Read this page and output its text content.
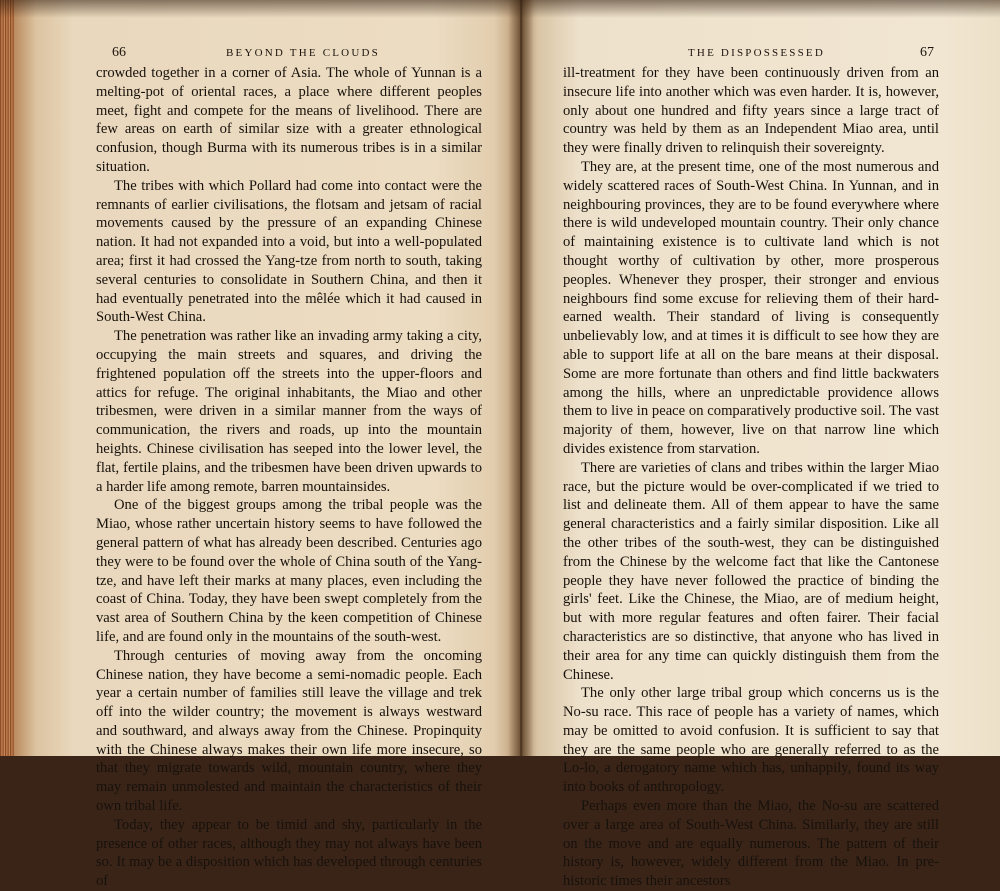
66	BEYOND THE CLOUDS	THE DISPOSSESSED	67

crowded together in a corner of Asia. The whole of Yunnan is a melting-pot of oriental races, a place where different peoples meet, fight and compete for the means of livelihood. There are few areas on earth of similar size with a greater ethnological confusion, though Burma with its numerous tribes is in a similar situation.

The tribes with which Pollard had come into contact were the remnants of earlier civilisations, the flotsam and jetsam of racial movements caused by the pressure of an expanding Chinese nation. It had not expanded into a void, but into a well-populated area; first it had crossed the Yang-tze from north to south, taking several centuries to consolidate in Southern China, and then it had eventually penetrated into the mêlée which it had caused in South-West China.

The penetration was rather like an invading army taking a city, occupying the main streets and squares, and driving the frightened population off the streets into the upper-floors and attics for refuge. The original inhabitants, the Miao and other tribesmen, were driven in a similar manner from the ways of communication, the rivers and roads, up into the mountain heights. Chinese civilisation has seeped into the lower level, the flat, fertile plains, and the tribesmen have been driven upwards to a harder life among remote, barren mountainsides.

One of the biggest groups among the tribal people was the Miao, whose rather uncertain history seems to have followed the general pattern of what has already been described. Centuries ago they were to be found over the whole of China south of the Yang-tze, and have left their marks at many places, even including the coast of China. Today, they have been swept completely from the vast area of Southern China by the keen competition of Chinese life, and are found only in the mountains of the south-west.

Through centuries of moving away from the oncoming Chinese nation, they have become a semi-nomadic people. Each year a certain number of families still leave the village and trek off into the wilder country; the movement is always westward and southward, and always away from the Chinese. Propinquity with the Chinese always makes their own life more insecure, so that they migrate towards wild, mountain country, where they may remain unmolested and maintain the characteristics of their own tribal life.

Today, they appear to be timid and shy, particularly in the presence of other races, although they may not always have been so. It may be a disposition which has developed through centuries of

ill-treatment for they have been continuously driven from an insecure life into another which was even harder. It is, however, only about one hundred and fifty years since a large tract of country was held by them as an Independent Miao area, until they were finally driven to relinquish their sovereignty.

They are, at the present time, one of the most numerous and widely scattered races of South-West China. In Yunnan, and in neighbouring provinces, they are to be found everywhere where there is wild undeveloped mountain country. Their only chance of maintaining existence is to cultivate land which is not thought worthy of cultivation by other, more prosperous peoples. Whenever they prosper, their stronger and envious neighbours find some excuse for relieving them of their hard-earned wealth. Their standard of living is consequently unbelievably low, and at times it is difficult to see how they are able to support life at all on the bare means at their disposal. Some are more fortunate than others and find little backwaters among the hills, where an unpredictable providence allows them to live in peace on comparatively productive soil. The vast majority of them, however, live on that narrow line which divides existence from starvation.

There are varieties of clans and tribes within the larger Miao race, but the picture would be over-complicated if we tried to list and delineate them. All of them appear to have the same general characteristics and a fairly similar disposition. Like all the other tribes of the south-west, they can be distinguished from the Chinese by the welcome fact that like the Cantonese people they have never followed the practice of binding the girls' feet. Like the Chinese, the Miao, are of medium height, but with more regular features and often fairer. Their facial characteristics are so distinctive, that anyone who has lived in their area for any time can quickly distinguish them from the Chinese.

The only other large tribal group which concerns us is the No-su race. This race of people has a variety of names, which may be omitted to avoid confusion. It is sufficient to say that they are the same people who are generally referred to as the Lo-lo, a derogatory name which has, unhappily, found its way into books of anthropology.

Perhaps even more than the Miao, the No-su are scattered over a large area of South-West China. Similarly, they are still on the move and are equally numerous. The pattern of their history is, however, widely different from the Miao. In pre-historic times their ancestors
